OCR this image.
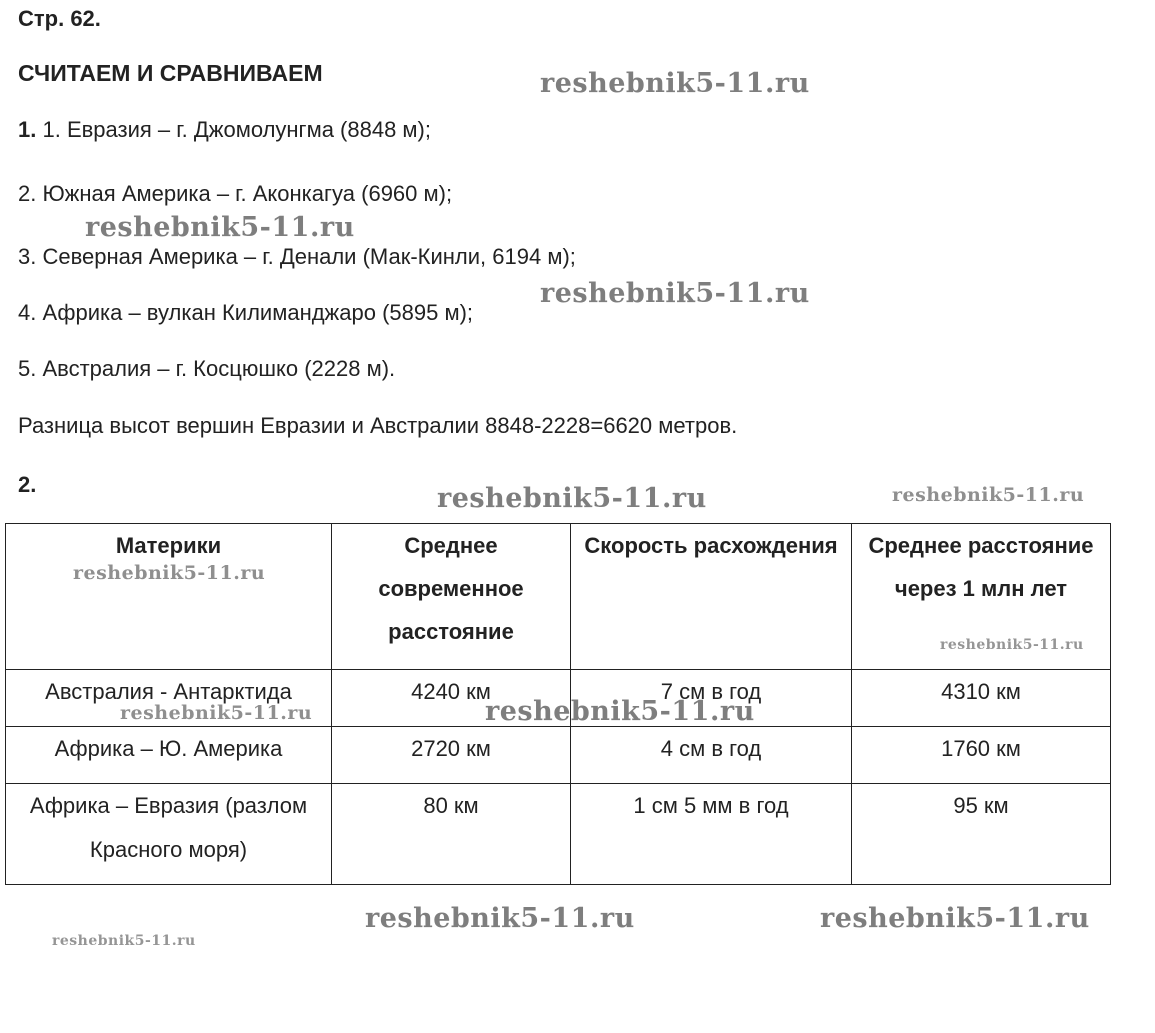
Стр. 62.
СЧИТАЕМ И СРАВНИВАЕМ
1. 1. Евразия – г. Джомолунгма (8848 м);
2. Южная Америка – г. Аконкагуа (6960 м);
3. Северная Америка – г. Денали (Мак-Кинли, 6194 м);
4. Африка – вулкан Килиманджаро (5895 м);
5. Австралия – г. Косцюшко (2228 м).
Разница высот вершин Евразии и Австралии 8848-2228=6620 метров.
2.
Материки	Среднее современное расстояние	Скорость расхождения	Среднее расстояние через 1 млн лет
Австралия - Антарктида	4240 км	7 см в год	4310 км
Африка – Ю. Америка	2720 км	4 см в год	1760 км
Африка – Евразия (разлом Красного моря)	80 км	1 см 5 мм в год	95 км
reshebnik5-11.ru
reshebnik5-11.ru
reshebnik5-11.ru
reshebnik5-11.ru	reshebnik5-11.ru
reshebnik5-11.ru
reshebnik5-11.ru
reshebnik5-11.ru	reshebnik5-11.ru
reshebnik5-11.ru	reshebnik5-11.ru
reshebnik5-11.ru
